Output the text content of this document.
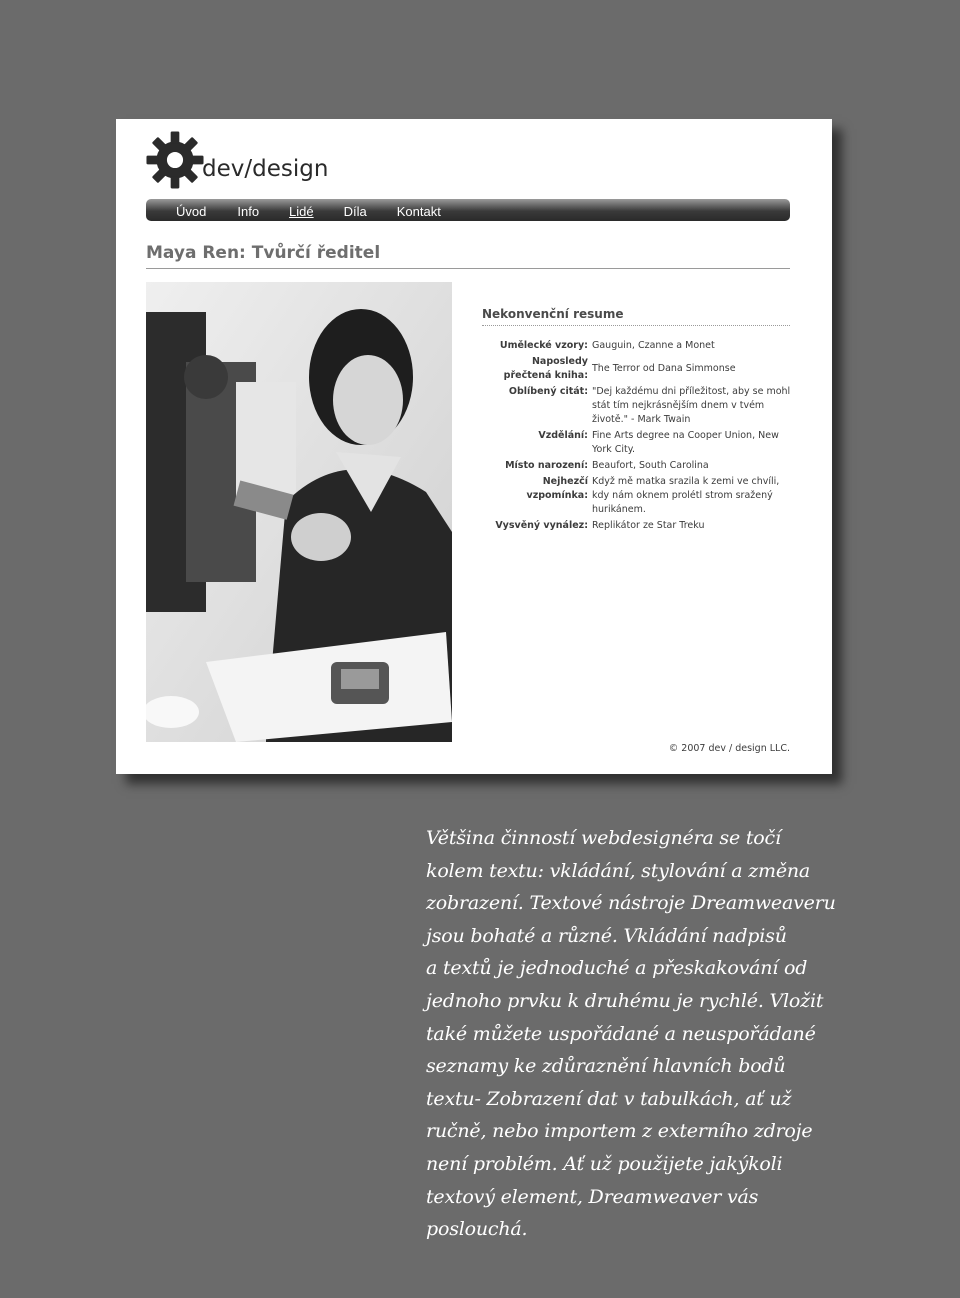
dev/design
Úvod Info Lidé Díla Kontakt
Maya Ren: Tvůrčí ředitel
Nekonvenční resume
Umělecké vzory: Gauguin, Czanne a Monet
Naposledy přečtená kniha:
The Terror od Dana Simmonse
Oblíbený citát: "Dej každému dni příležitost, aby se mohl stát tím nejkrásnějším dnem v tvém životě." - Mark Twain
Vzdělání: Fine Arts degree na Cooper Union, New York City.
Místo narození: Beaufort, South Carolina
Nejhezčí vzpomínka:
Když mě matka srazila k zemi ve chvíli, kdy nám oknem prolétl strom sražený hurikánem.
Vysvěný vynález: Replikátor ze Star Treku
© 2007 dev / design LLC.
Většina činností webdesignéra se točí
kolem textu: vkládání, stylování a změna
zobrazení. Textové nástroje Dreamweaveru
jsou bohaté a různé. Vkládání nadpisů
a textů je jednoduché a přeskakování od
jednoho prvku k druhému je rychlé. Vložit
také můžete uspořádané a neuspořádané
seznamy ke zdůraznění hlavních bodů
textu- Zobrazení dat v tabulkách, ať už
ručně, nebo importem z externího zdroje
není problém. Ať už použijete jakýkoli
textový element, Dreamweaver vás
poslouchá.
